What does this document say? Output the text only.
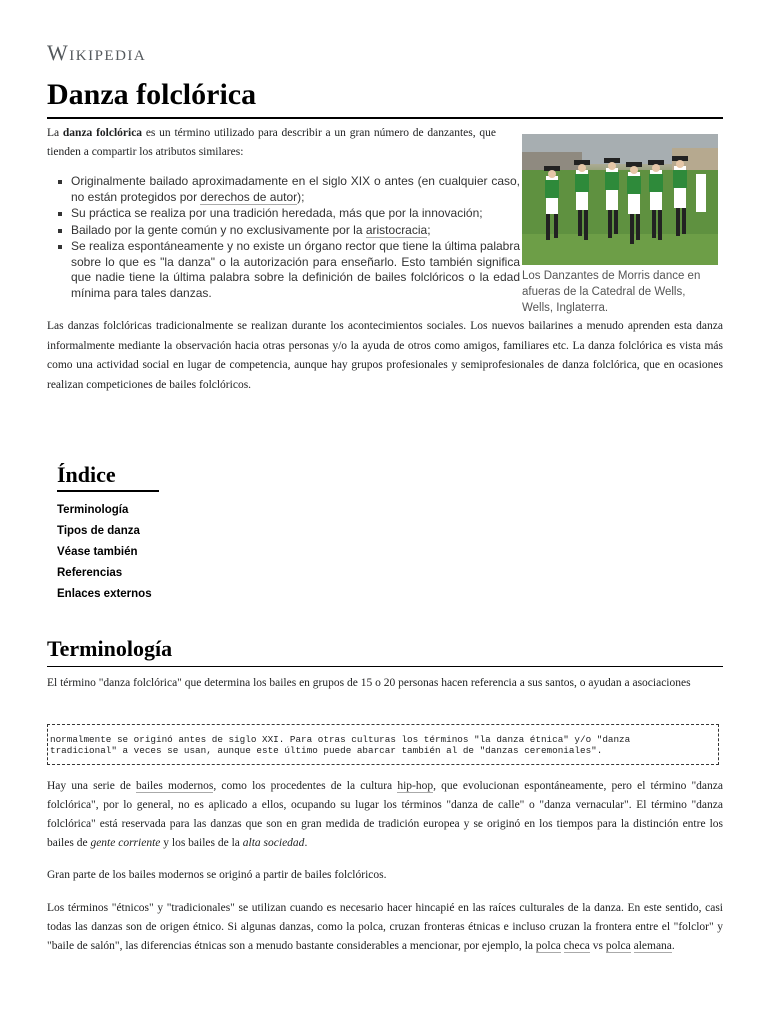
Wikipedia
Danza folclórica
La danza folclórica es un término utilizado para describir a un gran número de danzantes, que tienden a compartir los atributos similares:
Originalmente bailado aproximadamente en el siglo XIX o antes (en cualquier caso, no están protegidos por derechos de autor);
Su práctica se realiza por una tradición heredada, más que por la innovación;
Bailado por la gente común y no exclusivamente por la aristocracia;
Se realiza espontáneamente y no existe un órgano rector que tiene la última palabra sobre lo que es "la danza" o la autorización para enseñarlo. Esto también significa que nadie tiene la última palabra sobre la definición de bailes folclóricos o la edad mínima para tales danzas.
Los Danzantes de Morris dance en afueras de la Catedral de Wells, Wells, Inglaterra.
Las danzas folclóricas tradicionalmente se realizan durante los acontecimientos sociales. Los nuevos bailarines a menudo aprenden esta danza informalmente mediante la observación hacia otras personas y/o la ayuda de otros como amigos, familiares etc. La danza folclórica es vista más como una actividad social en lugar de competencia, aunque hay grupos profesionales y semiprofesionales de danza folclórica, que en ocasiones realizan competiciones de bailes folclóricos.
Índice
Terminología
Tipos de danza
Véase también
Referencias
Enlaces externos
Terminología
El término "danza folclórica" que determina los bailes en grupos de 15 o 20 personas hacen referencia a sus santos, o ayudan a asociaciones
normalmente se originó antes de siglo XXI. Para otras culturas los términos "la danza étnica" y/o "danza
tradicional" a veces se usan, aunque este último puede abarcar también al de "danzas ceremoniales".
Hay una serie de bailes modernos, como los procedentes de la cultura hip-hop, que evolucionan espontáneamente, pero el término "danza folclórica", por lo general, no es aplicado a ellos, ocupando su lugar los términos "danza de calle" o "danza vernacular". El término "danza folclórica" está reservada para las danzas que son en gran medida de tradición europea y se originó en los tiempos para la distinción entre los bailes de gente corriente y los bailes de la alta sociedad.
Gran parte de los bailes modernos se originó a partir de bailes folclóricos.
Los términos "étnicos" y "tradicionales" se utilizan cuando es necesario hacer hincapié en las raíces culturales de la danza. En este sentido, casi todas las danzas son de origen étnico. Si algunas danzas, como la polca, cruzan fronteras étnicas e incluso cruzan la frontera entre el "folclor" y "baile de salón", las diferencias étnicas son a menudo bastante considerables a mencionar, por ejemplo, la polca checa vs polca alemana.
